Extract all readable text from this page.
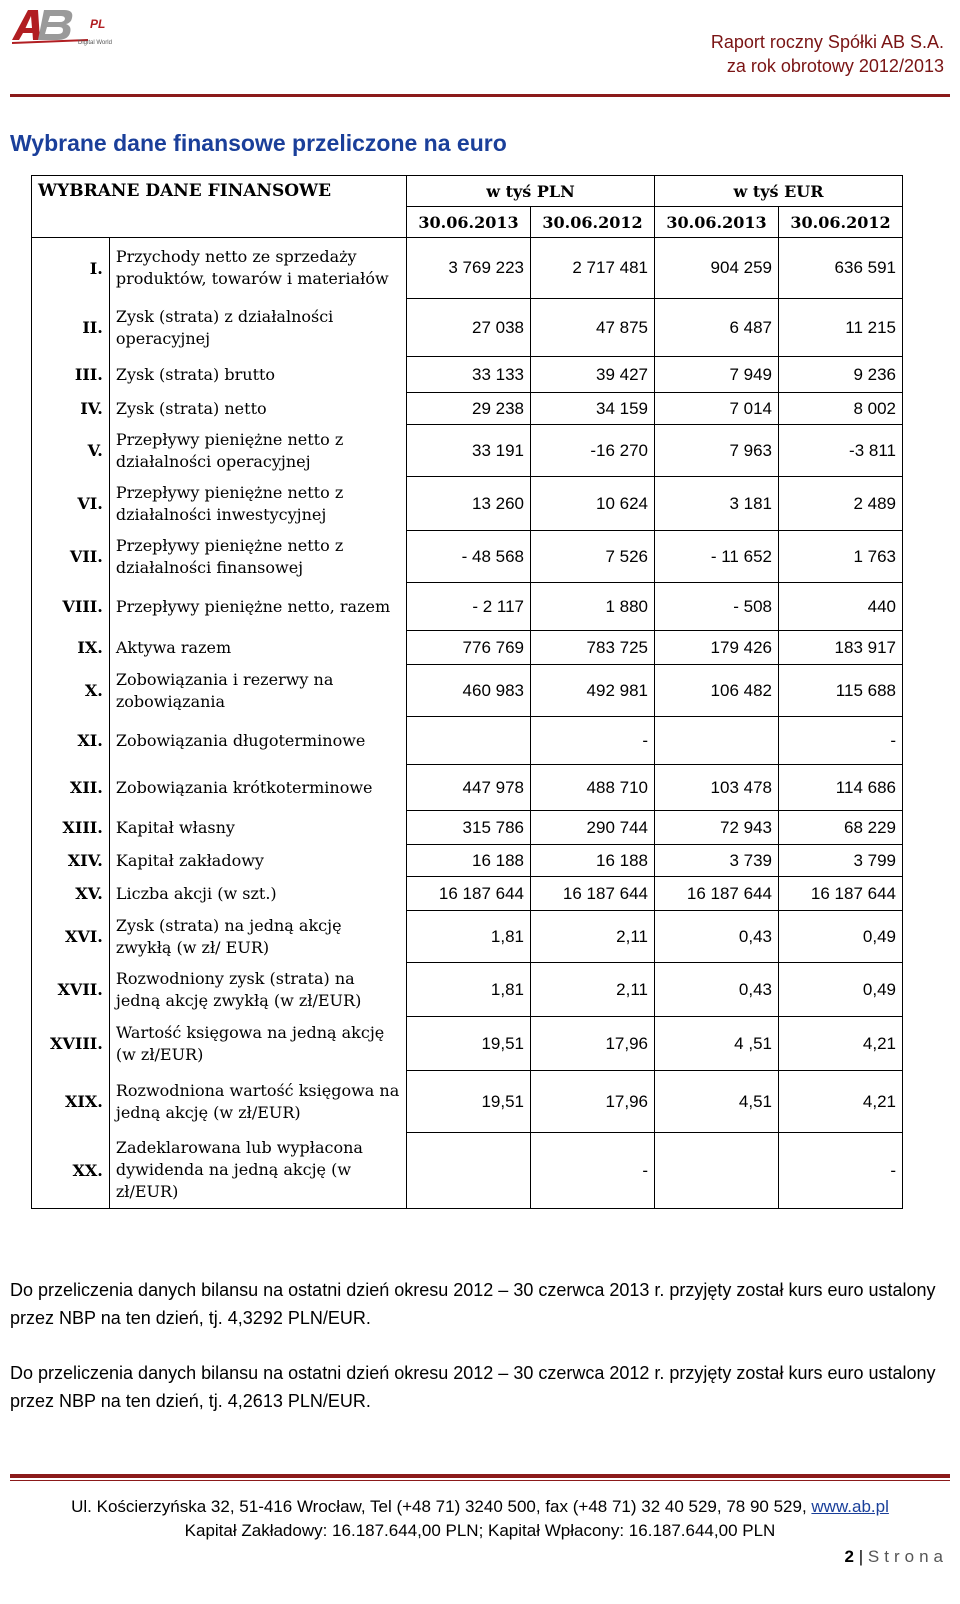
PL
Digital World	Raport roczny Spółki AB S.A.
za rok obrotowy 2012/2013
Wybrane dane finansowe przeliczone na euro
WYBRANE DANE FINANSOWE		w tyś PLN		w tyś EUR	
		30.06.2013	30.06.2012	30.06.2013	30.06.2012
I.	Przychody netto ze sprzedaży produktów, towarów i materiałów	3 769 223	2 717 481	904 259	636 591
II.	Zysk (strata) z działalności operacyjnej	27 038	47 875	6 487	11 215
III.	Zysk (strata) brutto	33 133	39 427	7 949	9 236
IV.	Zysk (strata) netto	29 238	34 159	7 014	8 002
V.	Przepływy pieniężne netto z działalności operacyjnej	33 191	-16 270	7 963	-3 811
VI.	Przepływy pieniężne netto z działalności inwestycyjnej	13 260	10 624	3 181	2 489
VII.	Przepływy pieniężne netto z działalności finansowej	- 48 568	7 526	- 11 652	1 763
VIII.	Przepływy pieniężne netto, razem	- 2 117	1 880	- 508	440
IX.	Aktywa razem	776 769	783 725	179 426	183 917
X.	Zobowiązania i rezerwy na zobowiązania	460 983	492 981	106 482	115 688
XI.	Zobowiązania długoterminowe		-		-
XII.	Zobowiązania krótkoterminowe	447 978	488 710	103 478	114 686
XIII.	Kapitał własny	315 786	290 744	72 943	68 229
XIV.	Kapitał zakładowy	16 188	16 188	3 739	3 799
XV.	Liczba akcji (w szt.)	16 187 644	16 187 644	16 187 644	16 187 644
XVI.	Zysk (strata) na jedną akcję zwykłą (w zł/ EUR)	1,81	2,11	0,43	0,49
XVII.	Rozwodniony zysk (strata) na jedną akcję zwykłą (w zł/EUR)	1,81	2,11	0,43	0,49
XVIII.	Wartość księgowa na jedną akcję (w zł/EUR)	19,51	17,96	4 ,51	4,21
XIX.	Rozwodniona wartość księgowa na jedną akcję (w zł/EUR)	19,51	17,96	4,51	4,21
XX.	Zadeklarowana lub wypłacona dywidenda na jedną akcję (w zł/EUR)		-		-
Do przeliczenia danych bilansu na ostatni dzień okresu 2012 – 30 czerwca 2013 r. przyjęty został kurs euro ustalony przez NBP na ten dzień, tj. 4,3292 PLN/EUR.
Do przeliczenia danych bilansu na ostatni dzień okresu 2012 – 30 czerwca 2012 r. przyjęty został kurs euro ustalony przez NBP na ten dzień, tj. 4,2613 PLN/EUR.
Ul. Kościerzyńska 32, 51-416 Wrocław, Tel (+48 71) 3240 500, fax (+48 71) 32 40 529, 78 90 529, www.ab.pl
Kapitał Zakładowy: 16.187.644,00 PLN; Kapitał Wpłacony: 16.187.644,00 PLN
2 | Strona
